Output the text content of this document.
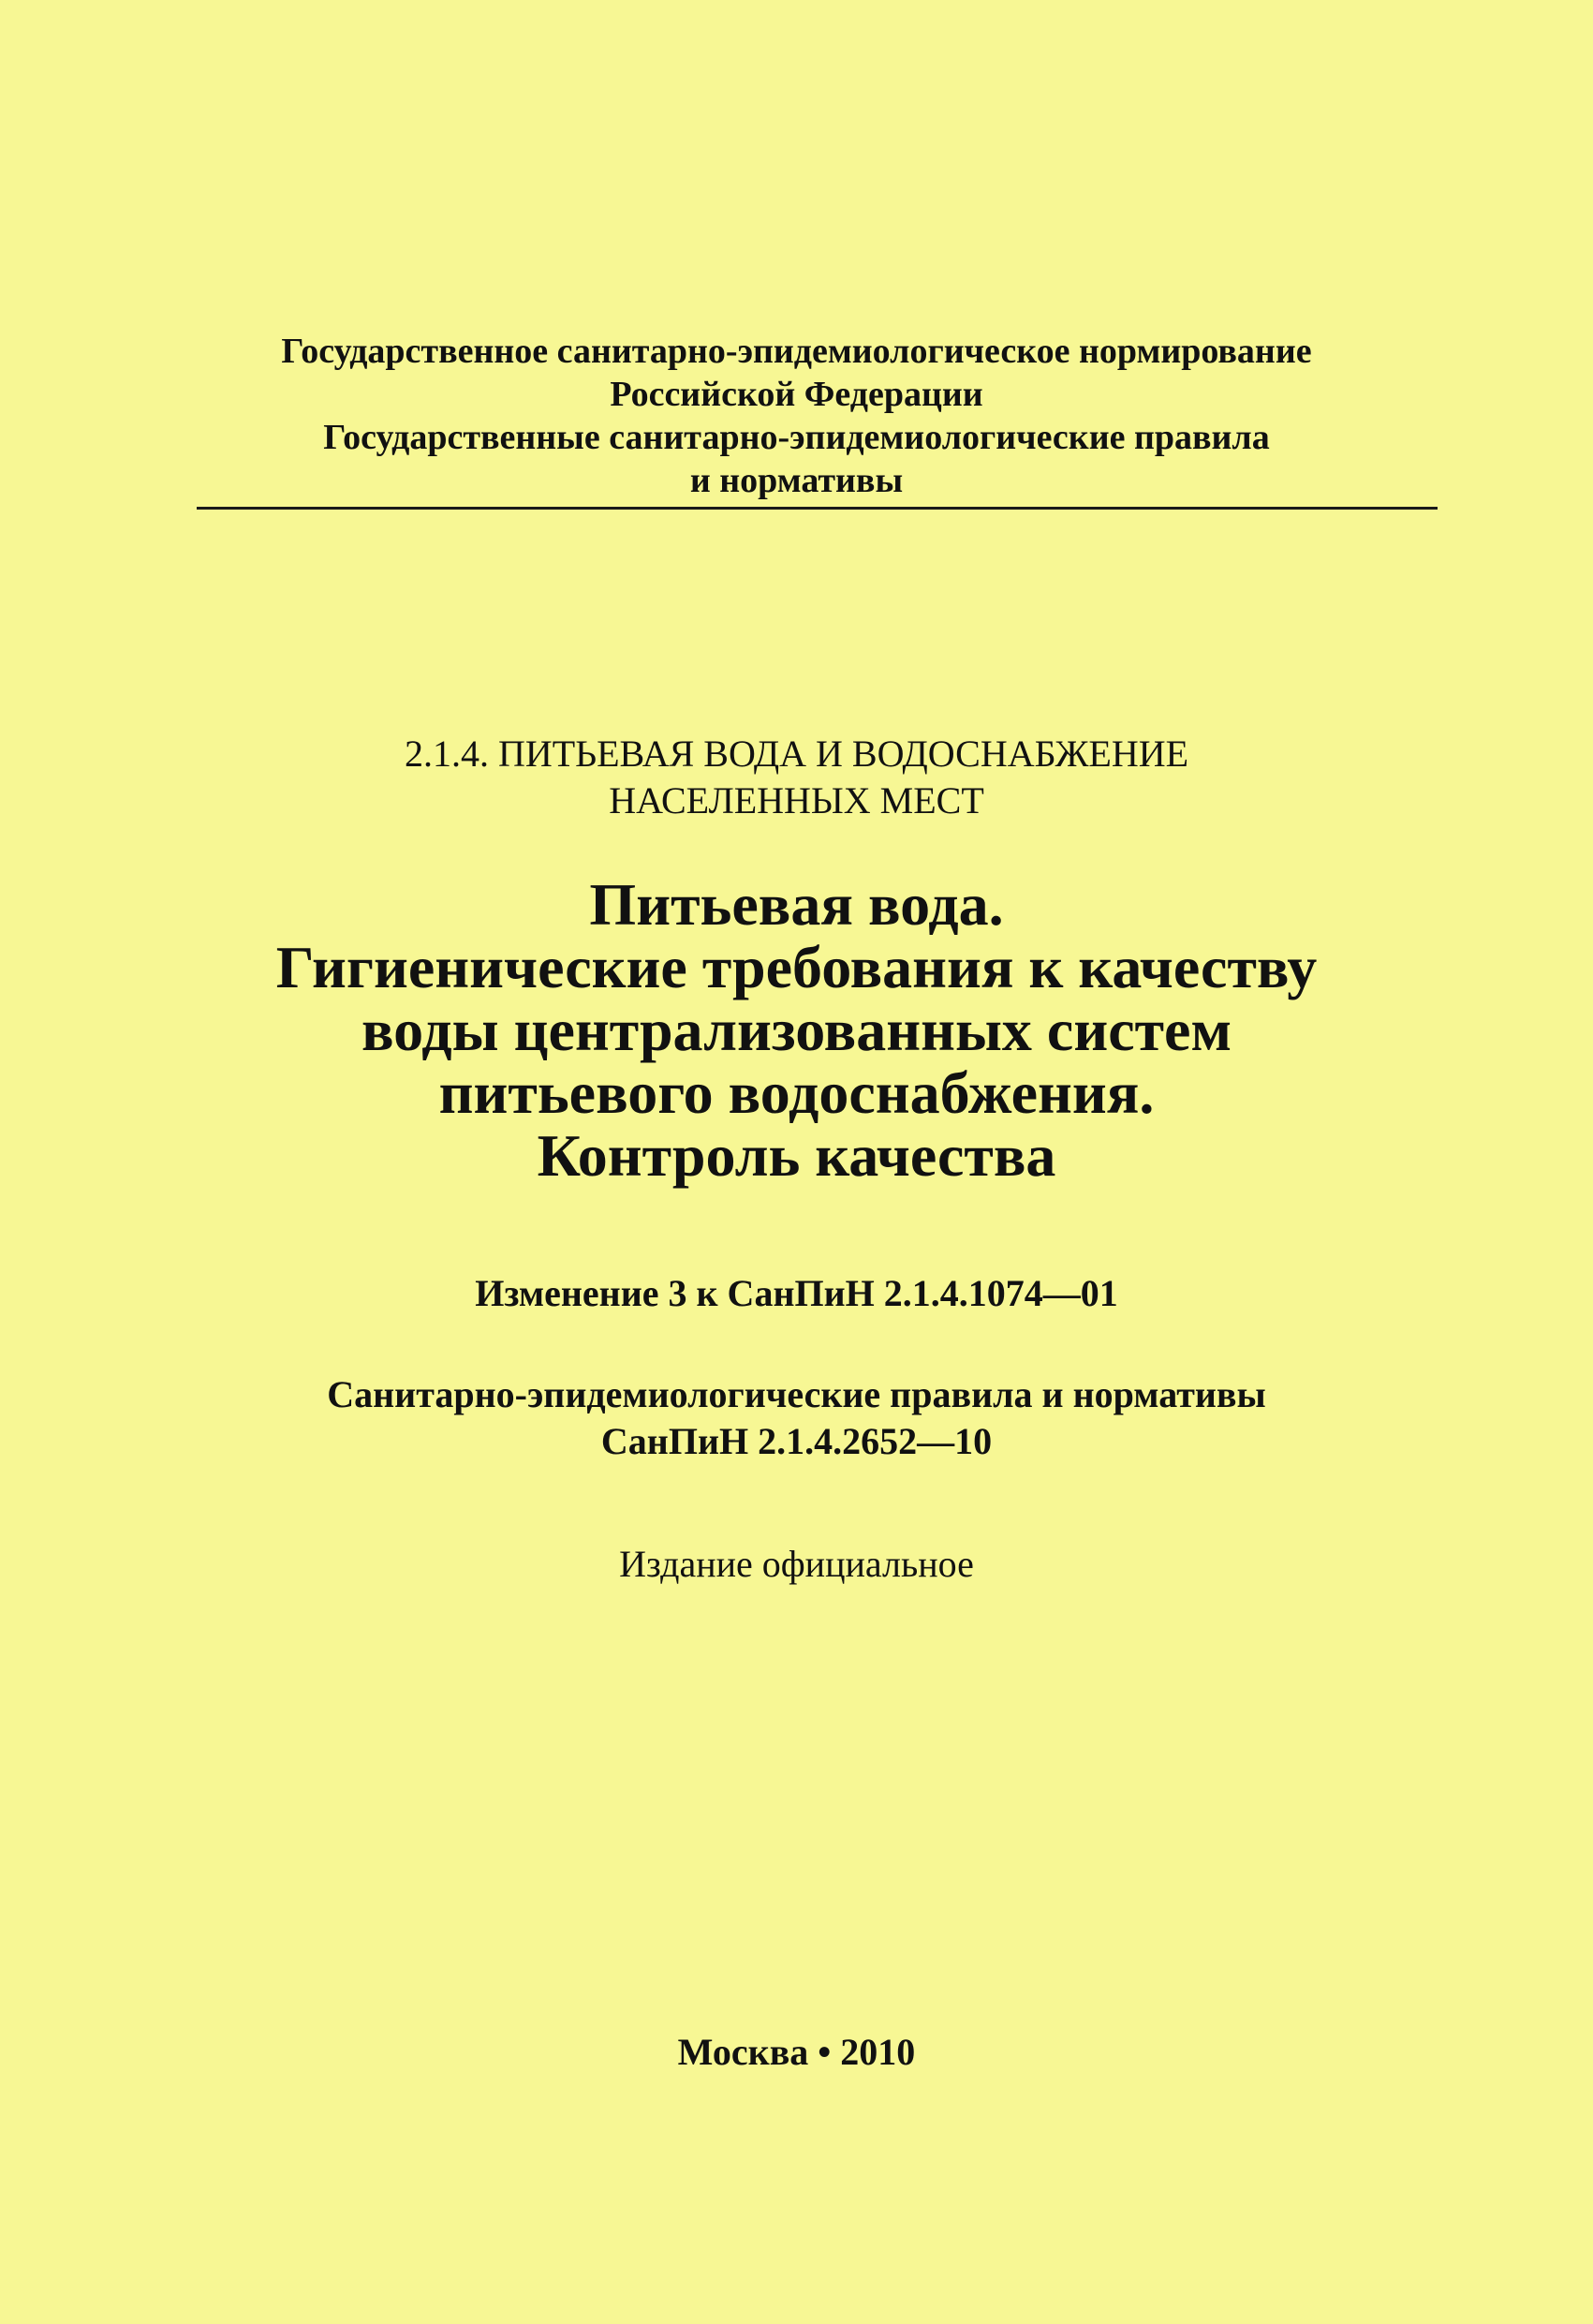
Государственное санитарно-эпидемиологическое нормирование
Российской Федерации
Государственные санитарно-эпидемиологические правила
и нормативы
2.1.4. ПИТЬЕВАЯ ВОДА И ВОДОСНАБЖЕНИЕ
НАСЕЛЕННЫХ МЕСТ
Питьевая вода.
Гигиенические требования к качеству
воды централизованных систем
питьевого водоснабжения.
Контроль качества
Изменение 3 к СанПиН 2.1.4.1074—01
Санитарно-эпидемиологические правила и нормативы
СанПиН 2.1.4.2652—10
Издание официальное
Москва • 2010
